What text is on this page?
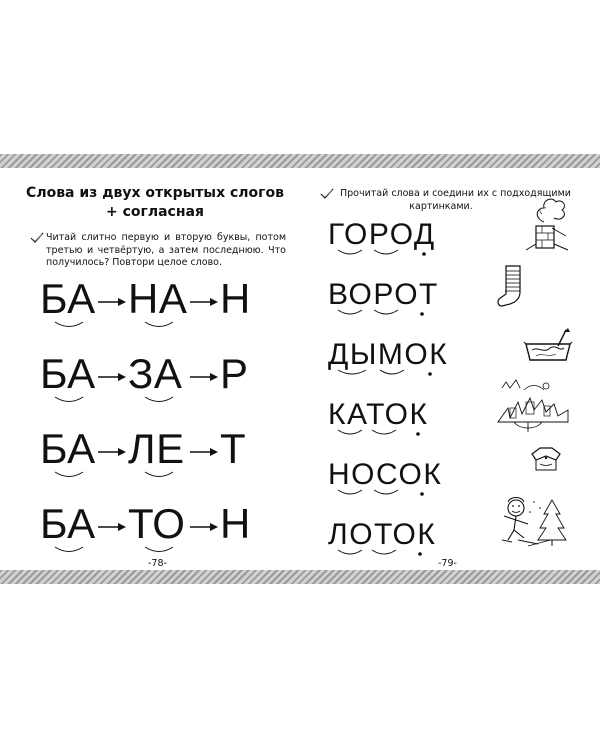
Слова из двух открытых слогов
+ согласная
Читай слитно первую и вторую буквы, потом третью и четвёртую, а затем последнюю. Что получилось? Повтори целое слово.
БА НА Н
БА ЗА Р
БА ЛЕ Т
БА ТО Н
-78-
Прочитай слова и соедини их с подходящими
картинками.
ГОРОД
ВОРОТ
ДЫМОК
КАТОК
НОСОК
ЛОТОК
-79-
